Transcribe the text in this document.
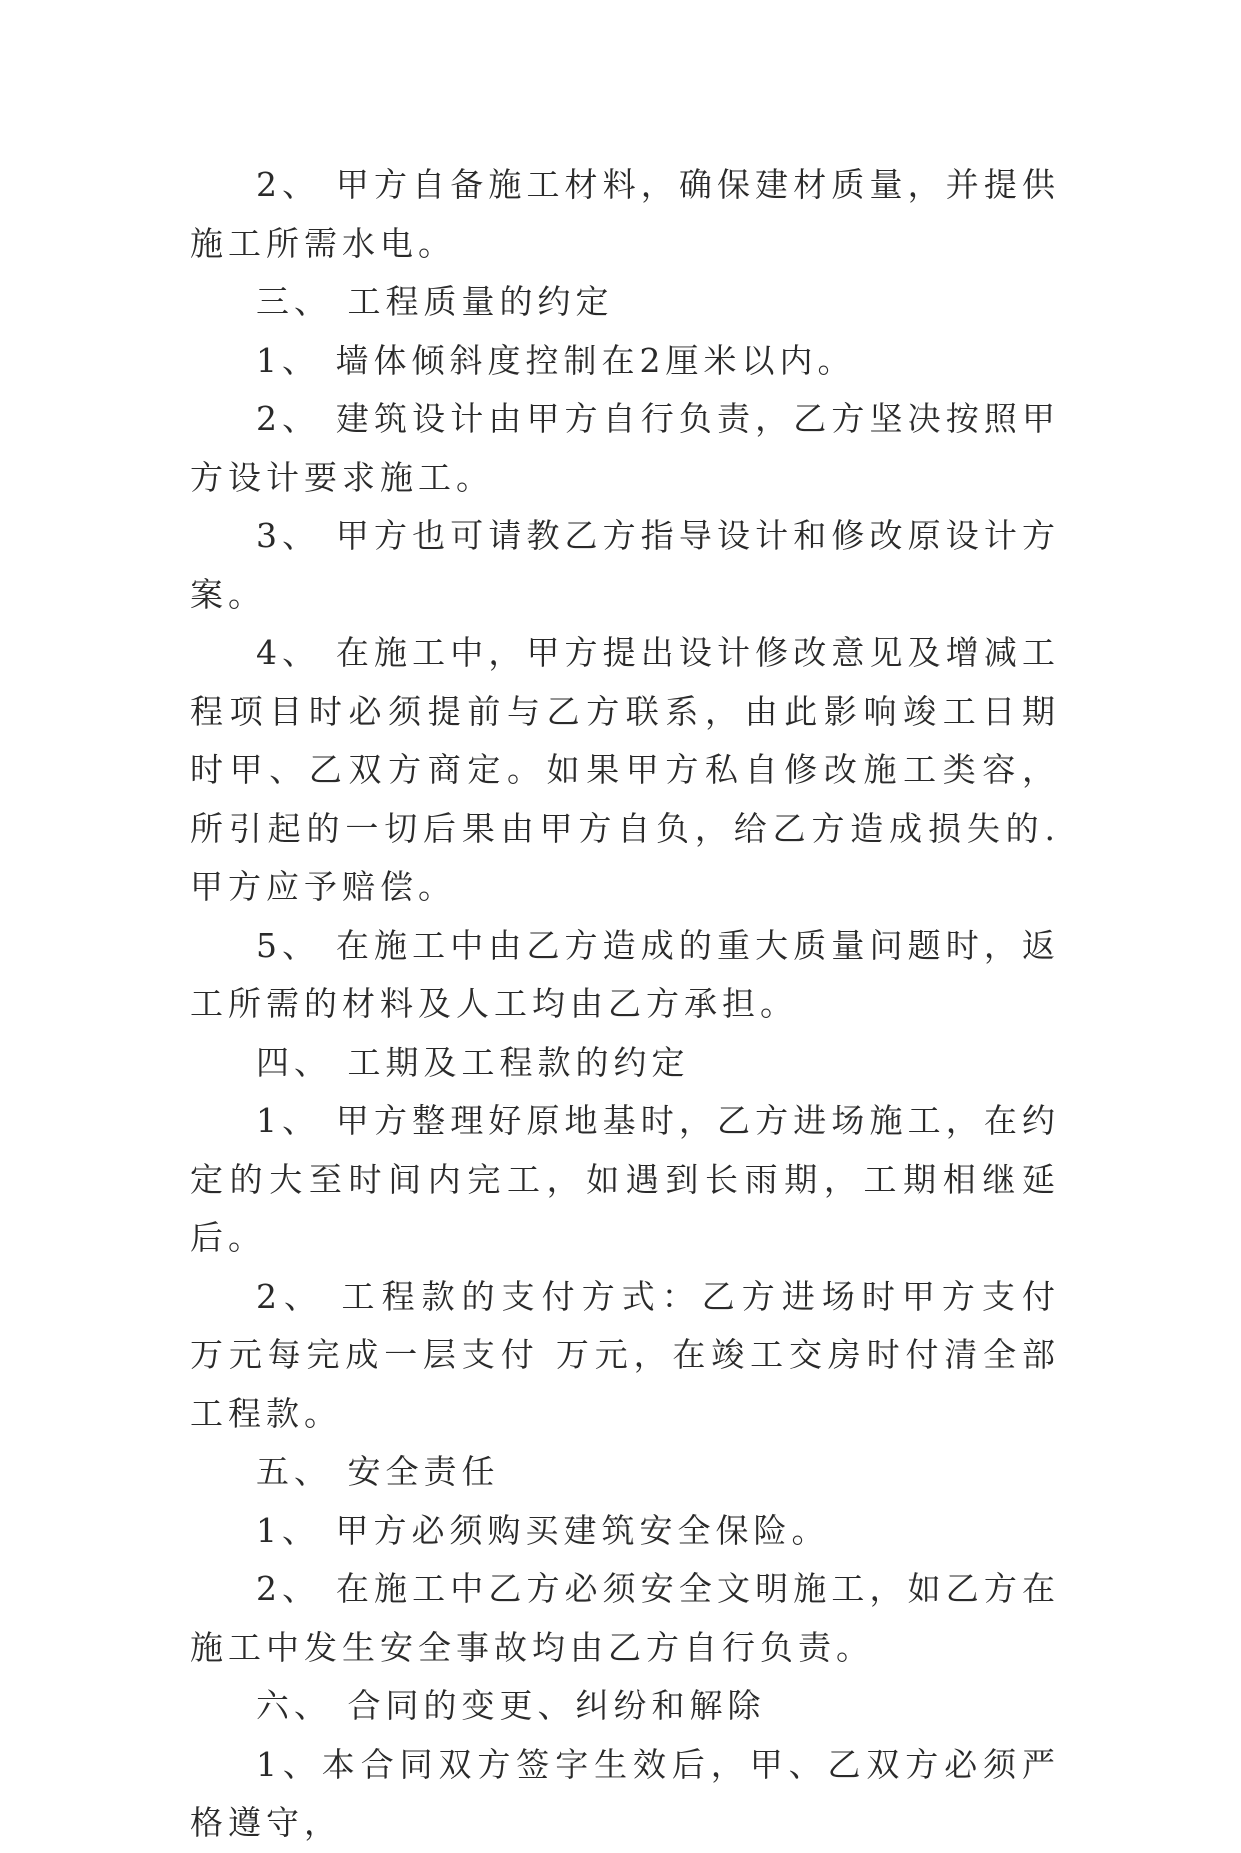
2、 甲方自备施工材料，确保建材质量，并提供施工所需水电。

三、 工程质量的约定

1、 墙体倾斜度控制在2厘米以内。

2、 建筑设计由甲方自行负责，乙方坚决按照甲方设计要求施工。

3、 甲方也可请教乙方指导设计和修改原设计方案。

4、 在施工中，甲方提出设计修改意见及增减工程项目时必须提前与乙方联系，由此影响竣工日期时甲、乙双方商定。如果甲方私自修改施工类容，所引起的一切后果由甲方自负，给乙方造成损失的.甲方应予赔偿。

5、 在施工中由乙方造成的重大质量问题时，返工所需的材料及人工均由乙方承担。

四、 工期及工程款的约定

1、 甲方整理好原地基时，乙方进场施工，在约定的大至时间内完工，如遇到长雨期，工期相继延后。

2、 工程款的支付方式：乙方进场时甲方支付 万元每完成一层支付 万元，在竣工交房时付清全部工程款。

五、 安全责任

1、 甲方必须购买建筑安全保险。

2、 在施工中乙方必须安全文明施工，如乙方在施工中发生安全事故均由乙方自行负责。

六、 合同的变更、纠纷和解除

1、本合同双方签字生效后，甲、乙双方必须严格遵守，
